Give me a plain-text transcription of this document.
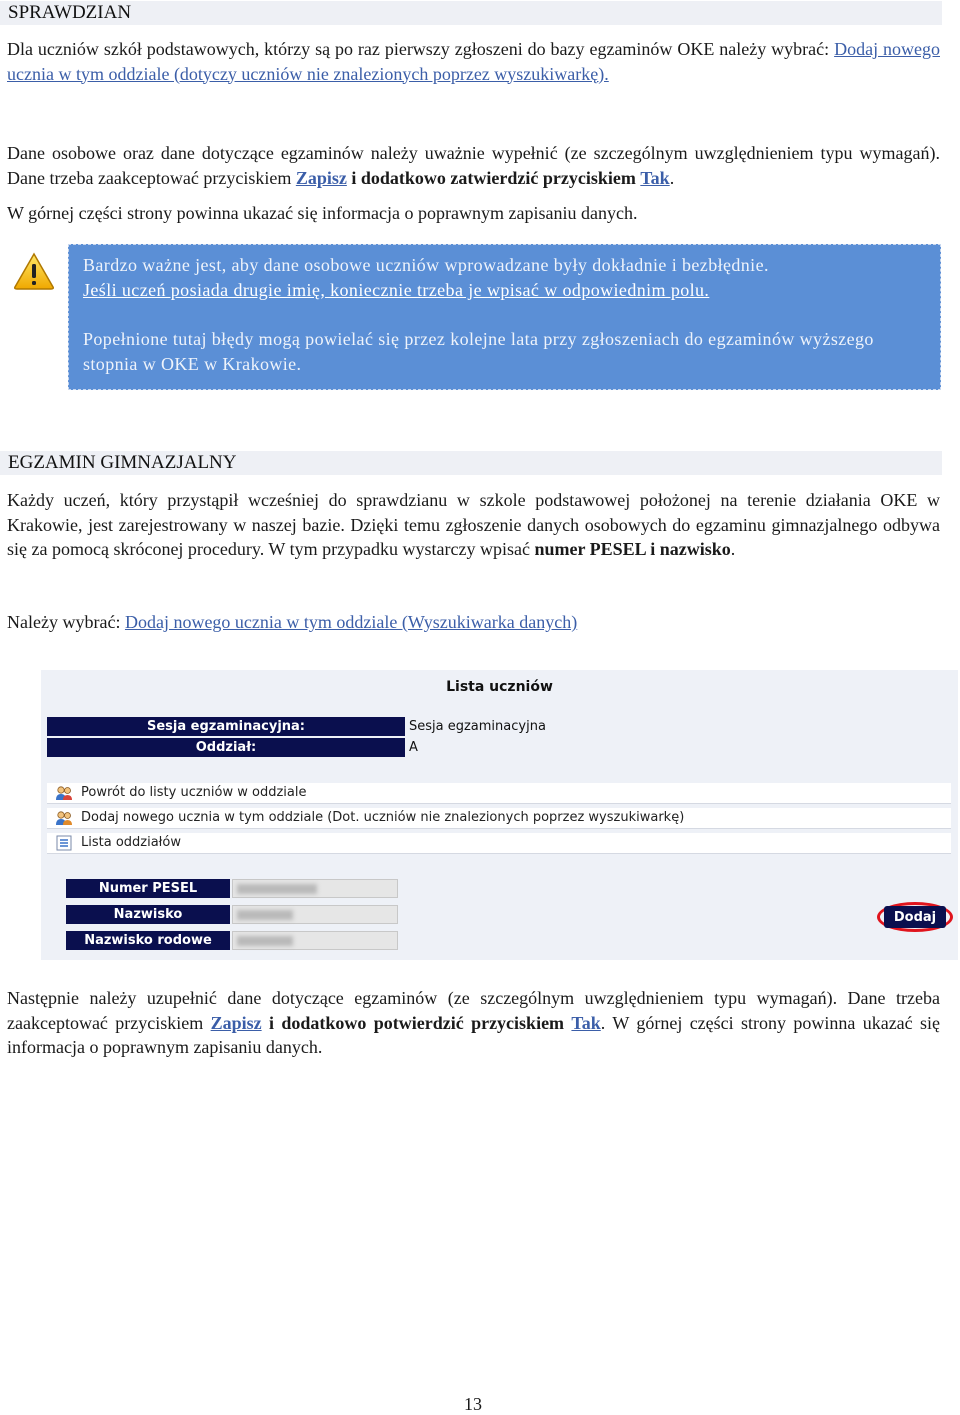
SPRAWDZIAN
Dla uczniów szkół podstawowych, którzy są po raz pierwszy zgłoszeni do bazy egzaminów OKE należy wybrać: Dodaj nowego ucznia w tym oddziale (dotyczy uczniów nie znalezionych poprzez wyszukiwarkę).
Dane osobowe oraz dane dotyczące egzaminów należy uważnie wypełnić (ze szczególnym uwzględnieniem typu wymagań). Dane trzeba zaakceptować przyciskiem Zapisz i dodatkowo zatwierdzić przyciskiem Tak.
W górnej części strony powinna ukazać się informacja o poprawnym zapisaniu danych.

Bardzo ważne jest, aby dane osobowe uczniów wprowadzane były dokładnie i bezbłędnie.
Jeśli uczeń posiada drugie imię, koniecznie trzeba je wpisać w odpowiednim polu.

Popełnione tutaj błędy mogą powielać się przez kolejne lata przy zgłoszeniach do egzaminów wyższego stopnia w OKE w Krakowie.

EGZAMIN GIMNAZJALNY
Każdy uczeń, który przystąpił wcześniej do sprawdzianu w szkole podstawowej położonej na terenie działania OKE w Krakowie, jest zarejestrowany w naszej bazie. Dzięki temu zgłoszenie danych osobowych do egzaminu gimnazjalnego odbywa się za pomocą skróconej procedury. W tym przypadku wystarczy wpisać numer PESEL i nazwisko.
Należy wybrać: Dodaj nowego ucznia w tym oddziale (Wyszukiwarka danych)
Lista uczniów
Sesja egzaminacyjna:	Sesja egzaminacyjna
Oddział:	A
Powrót do listy uczniów w oddziale
Dodaj nowego ucznia w tym oddziale (Dot. uczniów nie znalezionych poprzez wyszukiwarkę)
Lista oddziałów
Numer PESEL
Nazwisko
Nazwisko rodowe
Dodaj
Następnie należy uzupełnić dane dotyczące egzaminów (ze szczególnym uwzględnieniem typu wymagań). Dane trzeba zaakceptować przyciskiem Zapisz i dodatkowo potwierdzić przyciskiem Tak. W górnej części strony powinna ukazać się informacja o poprawnym zapisaniu danych.
13
